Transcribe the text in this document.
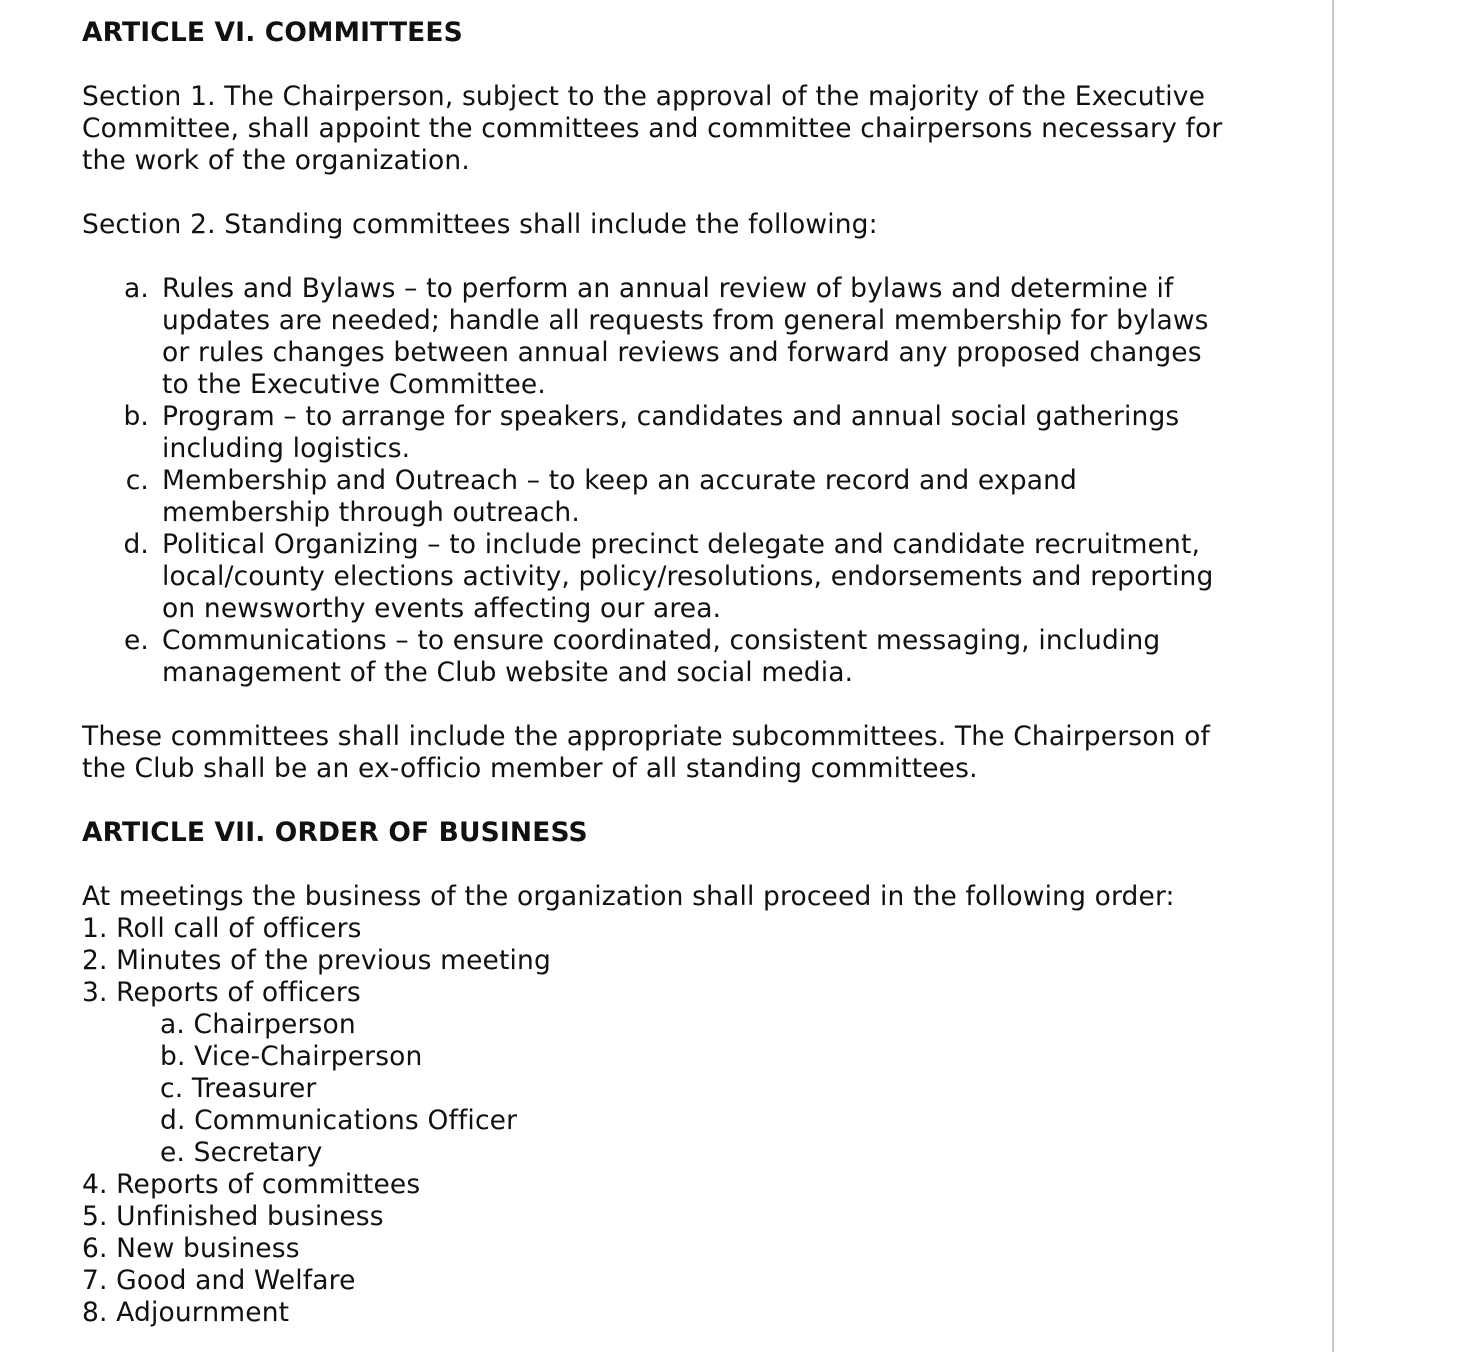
ARTICLE VI. COMMITTEES

Section 1. The Chairperson, subject to the approval of the majority of the Executive Committee, shall appoint the committees and committee chairpersons necessary for the work of the organization.

Section 2. Standing committees shall include the following:

a. Rules and Bylaws – to perform an annual review of bylaws and determine if updates are needed; handle all requests from general membership for bylaws or rules changes between annual reviews and forward any proposed changes to the Executive Committee.
b. Program – to arrange for speakers, candidates and annual social gatherings including logistics.
c. Membership and Outreach – to keep an accurate record and expand membership through outreach.
d. Political Organizing – to include precinct delegate and candidate recruitment, local/county elections activity, policy/resolutions, endorsements and reporting on newsworthy events affecting our area.
e. Communications – to ensure coordinated, consistent messaging, including management of the Club website and social media.

These committees shall include the appropriate subcommittees. The Chairperson of the Club shall be an ex-officio member of all standing committees.

ARTICLE VII. ORDER OF BUSINESS

At meetings the business of the organization shall proceed in the following order:

1. Roll call of officers

2. Minutes of the previous meeting

3. Reports of officers

a. Chairperson

b. Vice-Chairperson

c. Treasurer

d. Communications Officer

e. Secretary

4. Reports of committees

5. Unfinished business

6. New business

7. Good and Welfare

8. Adjournment
